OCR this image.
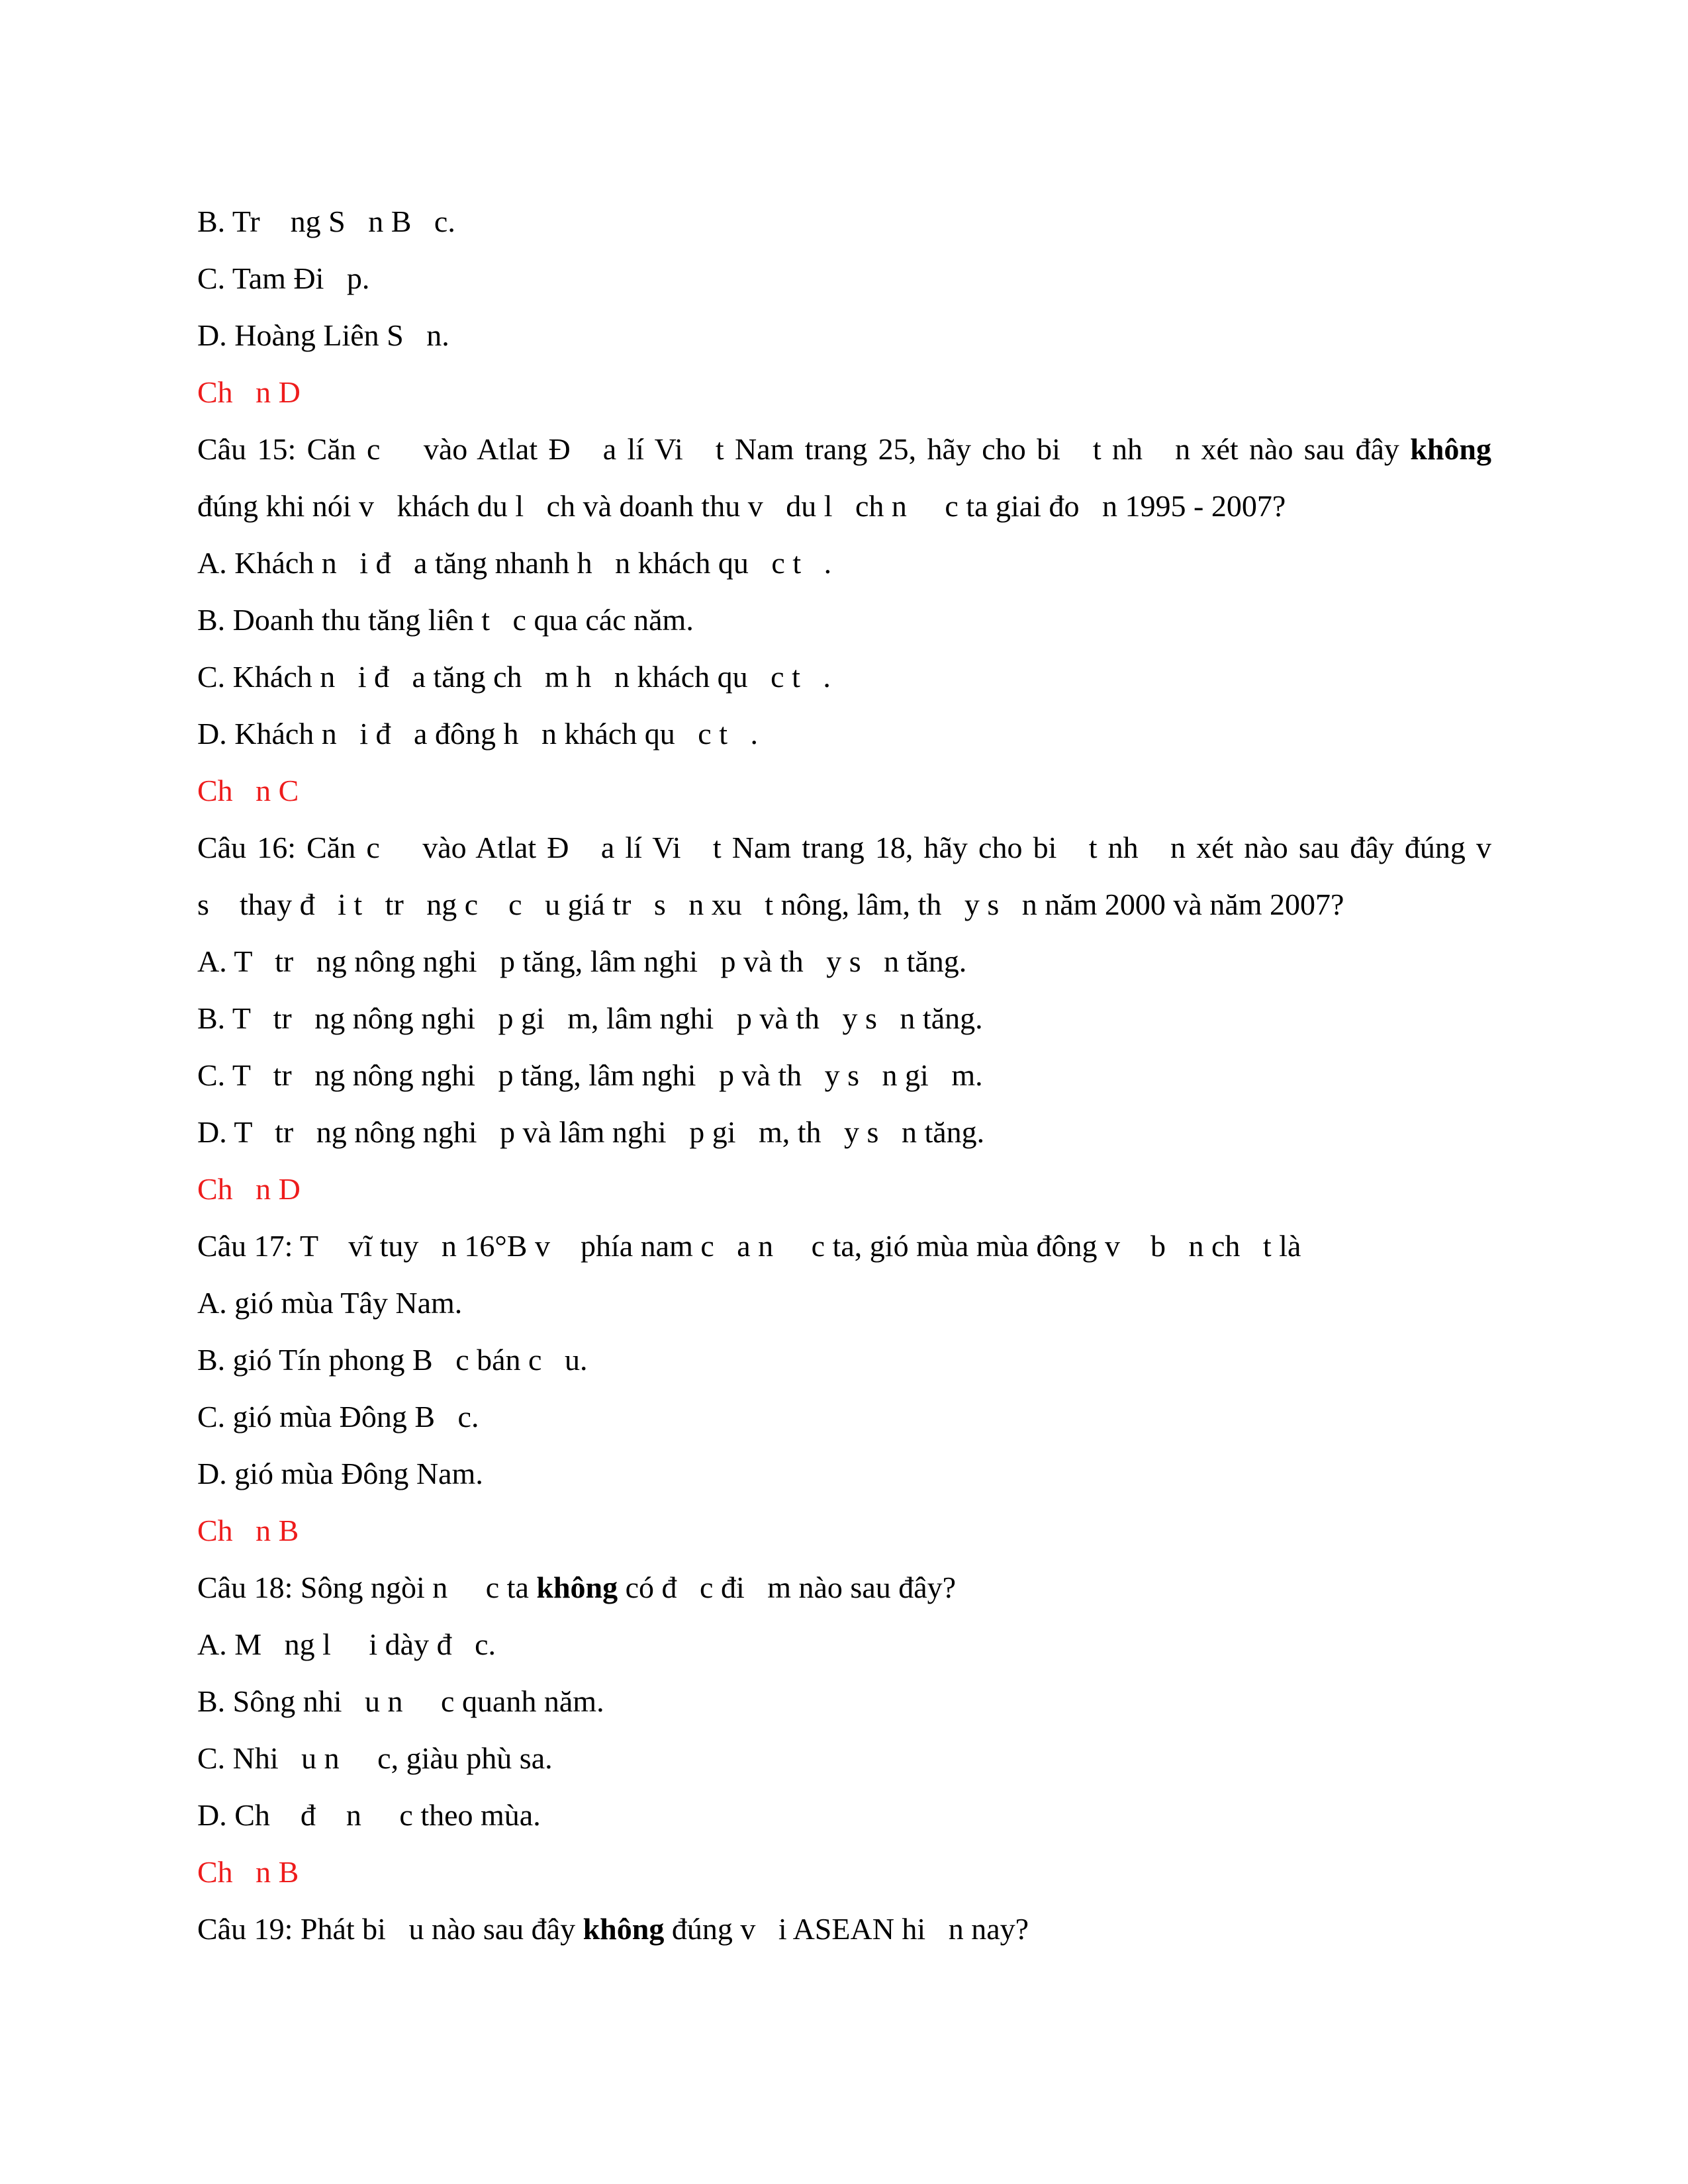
B. Tr    ng S   n B   c.
C. Tam Đi   p.
D. Hoàng Liên S   n.
Ch   n D
Câu 15: Căn c    vào Atlat Đ   a lí Vi   t Nam trang 25, hãy cho bi   t nh   n xét nào sau đây không
đúng khi nói v   khách du l   ch và doanh thu v   du l   ch n     c ta giai đo   n 1995 - 2007?
A. Khách n   i đ   a tăng nhanh h   n khách qu   c t   .
B. Doanh thu tăng liên t   c qua các năm.
C. Khách n   i đ   a tăng ch   m h   n khách qu   c t   .
D. Khách n   i đ   a đông h   n khách qu   c t   .
Ch   n C
Câu 16: Căn c    vào Atlat Đ   a lí Vi   t Nam trang 18, hãy cho bi   t nh   n xét nào sau đây đúng v
s    thay đ   i t   tr   ng c    c   u giá tr   s   n xu   t nông, lâm, th   y s   n năm 2000 và năm 2007?
A. T   tr   ng nông nghi   p tăng, lâm nghi   p và th   y s   n tăng.
B. T   tr   ng nông nghi   p gi   m, lâm nghi   p và th   y s   n tăng.
C. T   tr   ng nông nghi   p tăng, lâm nghi   p và th   y s   n gi   m.
D. T   tr   ng nông nghi   p và lâm nghi   p gi   m, th   y s   n tăng.
Ch   n D
Câu 17: T    vĩ tuy   n 16°B v    phía nam c   a n     c ta, gió mùa mùa đông v    b   n ch   t là
A. gió mùa Tây Nam.
B. gió Tín phong B   c bán c   u.
C. gió mùa Đông B   c.
D. gió mùa Đông Nam.
Ch   n B
Câu 18: Sông ngòi n     c ta không có đ   c đi   m nào sau đây?
A. M   ng l     i dày đ   c.
B. Sông nhi   u n     c quanh năm.
C. Nhi   u n     c, giàu phù sa.
D. Ch    đ    n     c theo mùa.
Ch   n B
Câu 19: Phát bi   u nào sau đây không đúng v   i ASEAN hi   n nay?
